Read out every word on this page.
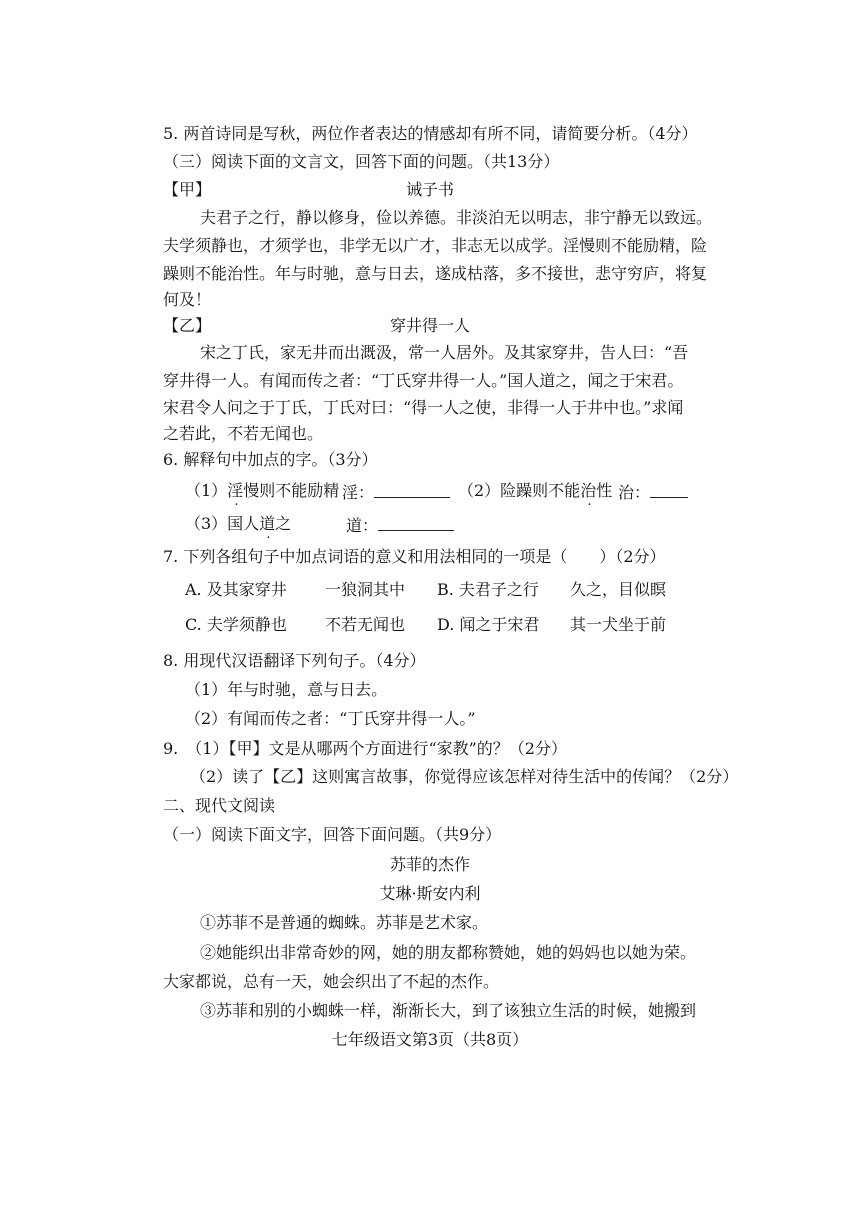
5. 两首诗同是写秋，两位作者表达的情感却有所不同，请简要分析。（4分）
（三）阅读下面的文言文，回答下面的问题。（共13分）
【甲】	诫子书
夫君子之行，静以修身，俭以养德。非淡泊无以明志，非宁静无以致远。
夫学须静也，才须学也，非学无以广才，非志无以成学。淫慢则不能励精，险
躁则不能治性。年与时驰，意与日去，遂成枯落，多不接世，悲守穷庐，将复
何及！
【乙】	穿井得一人
宋之丁氏，家无井而出溉汲，常一人居外。及其家穿井，告人曰：“吾
穿井得一人。有闻而传之者：“丁氏穿井得一人。”国人道之，闻之于宋君。
宋君令人问之于丁氏，丁氏对曰：“得一人之使，非得一人于井中也。”求闻
之若此，不若无闻也。
6. 解释句中加点的字。（3分）
（1）淫慢则不能励精 淫：	（2）险躁则不能治性 治：
（3）国人道之	道：
7. 下列各组句子中加点词语的意义和用法相同的一项是（　　）（2分）
A. 及其家穿井 一狼洞其中 B. 夫君子之行 久之，目似瞑
C. 夫学须静也 不若无闻也 D. 闻之于宋君 其一犬坐于前
8. 用现代汉语翻译下列句子。（4分）
（1）年与时驰，意与日去。
（2）有闻而传之者：“丁氏穿井得一人。”
9.　（1）【甲】文是从哪两个方面进行“家教”的？（2分）
（2）读了【乙】这则寓言故事，你觉得应该怎样对待生活中的传闻？（2分）
二、现代文阅读
（一）阅读下面文字，回答下面问题。（共9分）
苏菲的杰作
艾琳·斯安内利
①苏菲不是普通的蜘蛛。苏菲是艺术家。
②她能织出非常奇妙的网，她的朋友都称赞她，她的妈妈也以她为荣。
大家都说，总有一天，她会织出了不起的杰作。
③苏菲和别的小蜘蛛一样，渐渐长大，到了该独立生活的时候，她搬到
七年级语文第3页（共8页）
